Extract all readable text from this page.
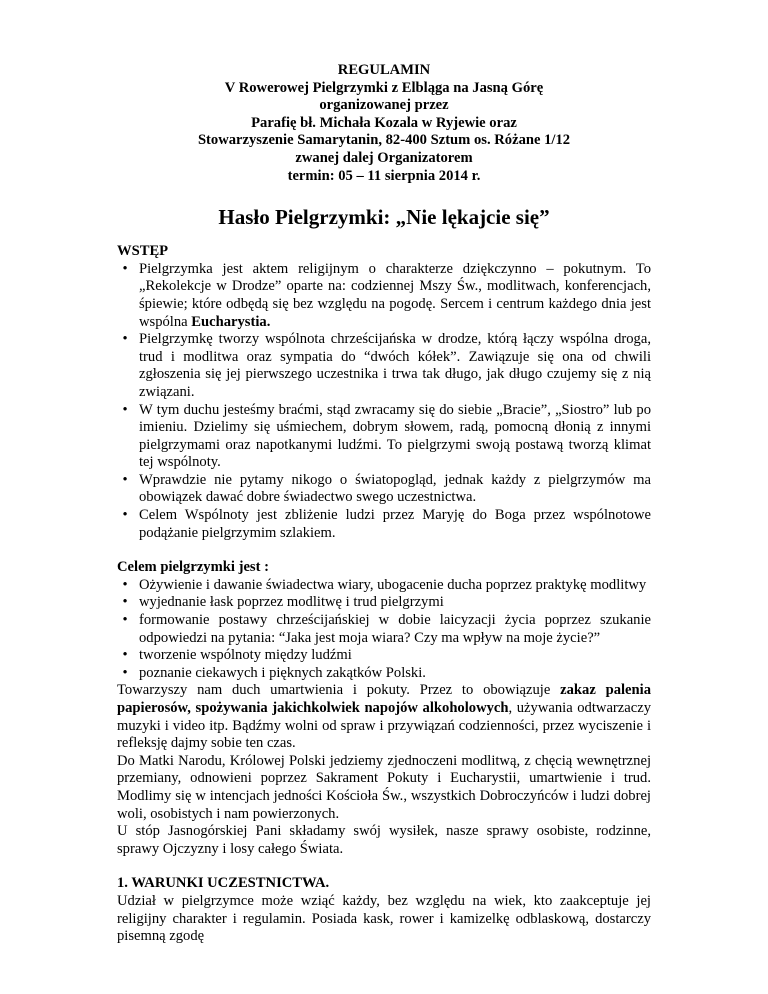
REGULAMIN
V Rowerowej Pielgrzymki z Elbląga na Jasną Górę
organizowanej przez
Parafię bł. Michała Kozala w Ryjewie oraz
Stowarzyszenie Samarytanin, 82-400 Sztum os. Różane 1/12
zwanej dalej Organizatorem
termin: 05 – 11 sierpnia 2014 r.
Hasło Pielgrzymki: „Nie lękajcie się”
WSTĘP
• Pielgrzymka jest aktem religijnym o charakterze dziękczynno – pokutnym. To „Rekolekcje w Drodze” oparte na: codziennej Mszy Św., modlitwach, konferencjach, śpiewie; które odbędą się bez względu na pogodę. Sercem i centrum każdego dnia jest wspólna Eucharystia.
• Pielgrzymkę tworzy wspólnota chrześcijańska w drodze, którą łączy wspólna droga, trud i modlitwa oraz sympatia do “dwóch kółek”. Zawiązuje się ona od chwili zgłoszenia się jej pierwszego uczestnika i trwa tak długo, jak długo czujemy się z nią związani.
• W tym duchu jesteśmy braćmi, stąd zwracamy się do siebie „Bracie”, „Siostro” lub po imieniu. Dzielimy się uśmiechem, dobrym słowem, radą, pomocną dłonią z innymi pielgrzymami oraz napotkanymi ludźmi. To pielgrzymi swoją postawą tworzą klimat tej wspólnoty.
• Wprawdzie nie pytamy nikogo o światopogląd, jednak każdy z pielgrzymów ma obowiązek dawać dobre świadectwo swego uczestnictwa.
• Celem Wspólnoty jest zbliżenie ludzi przez Maryję do Boga przez wspólnotowe podążanie pielgrzymim szlakiem.
Celem pielgrzymki jest :
• Ożywienie i dawanie świadectwa wiary, ubogacenie ducha poprzez praktykę modlitwy
• wyjednanie łask poprzez modlitwę i trud pielgrzymi
• formowanie postawy chrześcijańskiej w dobie laicyzacji życia poprzez szukanie odpowiedzi na pytania: “Jaka jest moja wiara? Czy ma wpływ na moje życie?”
• tworzenie wspólnoty między ludźmi
• poznanie ciekawych i pięknych zakątków Polski.

Towarzyszy nam duch umartwienia i pokuty. Przez to obowiązuje zakaz palenia papierosów, spożywania jakichkolwiek napojów alkoholowych, używania odtwarzaczy muzyki i video itp. Bądźmy wolni od spraw i przywiązań codzienności, przez wyciszenie i refleksję dajmy sobie ten czas.

Do Matki Narodu, Królowej Polski jedziemy zjednoczeni modlitwą, z chęcią wewnętrznej przemiany, odnowieni poprzez Sakrament Pokuty i Eucharystii, umartwienie i trud. Modlimy się w intencjach jedności Kościoła Św., wszystkich Dobroczyńców i ludzi dobrej woli, osobistych i nam powierzonych.

U stóp Jasnogórskiej Pani składamy swój wysiłek, nasze sprawy osobiste, rodzinne, sprawy Ojczyzny i losy całego Świata.

1. WARUNKI UCZESTNICTWA.

Udział w pielgrzymce może wziąć każdy, bez względu na wiek, kto zaakceptuje jej religijny charakter i regulamin. Posiada kask, rower i kamizelkę odblaskową, dostarczy pisemną zgodę
